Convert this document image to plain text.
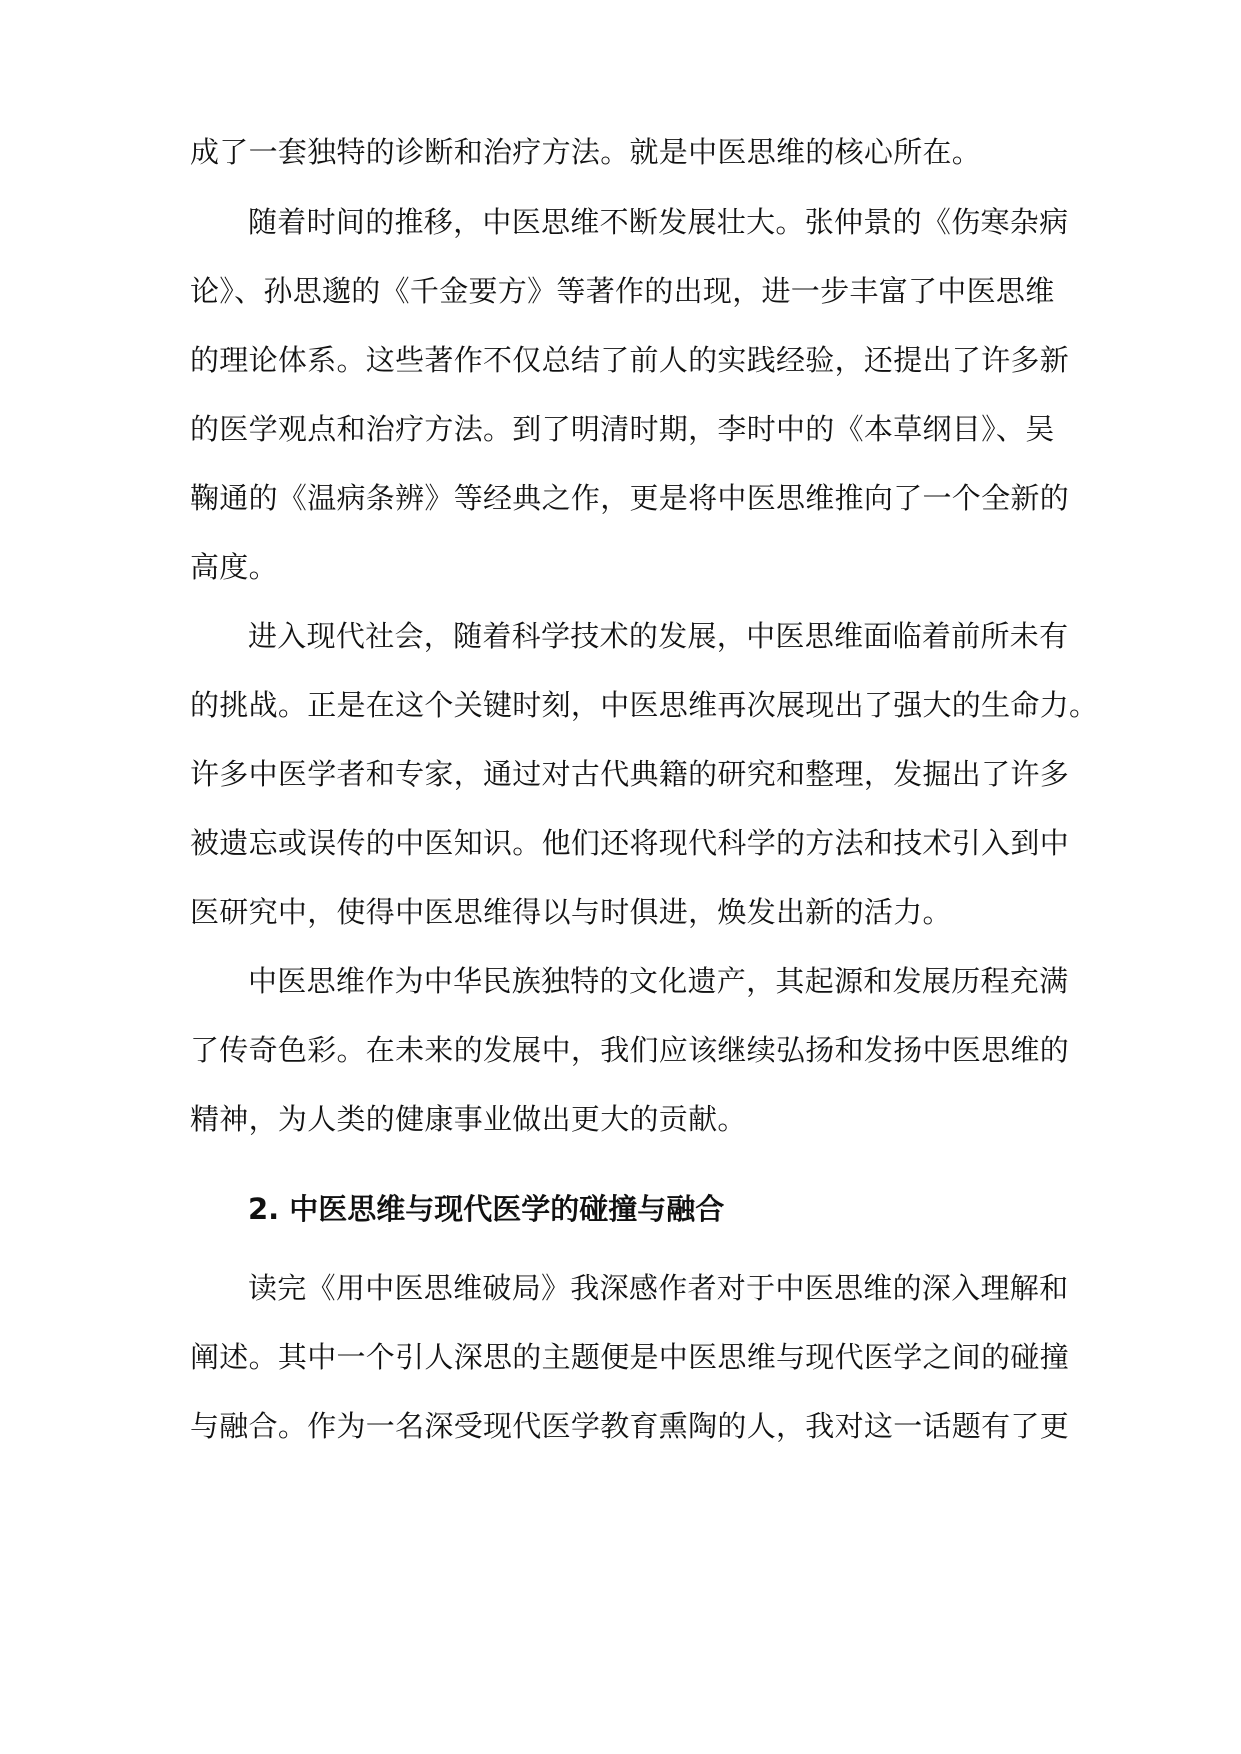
成了一套独特的诊断和治疗方法。就是中医思维的核心所在。

随着时间的推移，中医思维不断发展壮大。张仲景的《伤寒杂病

论》、孙思邈的《千金要方》等著作的出现，进一步丰富了中医思维

的理论体系。这些著作不仅总结了前人的实践经验，还提出了许多新

的医学观点和治疗方法。到了明清时期，李时中的《本草纲目》、吴

鞠通的《温病条辨》等经典之作，更是将中医思维推向了一个全新的

高度。

进入现代社会，随着科学技术的发展，中医思维面临着前所未有

的挑战。正是在这个关键时刻，中医思维再次展现出了强大的生命力。

许多中医学者和专家，通过对古代典籍的研究和整理，发掘出了许多

被遗忘或误传的中医知识。他们还将现代科学的方法和技术引入到中

医研究中，使得中医思维得以与时俱进，焕发出新的活力。

中医思维作为中华民族独特的文化遗产，其起源和发展历程充满

了传奇色彩。在未来的发展中，我们应该继续弘扬和发扬中医思维的

精神，为人类的健康事业做出更大的贡献。

2. 中医思维与现代医学的碰撞与融合

读完《用中医思维破局》我深感作者对于中医思维的深入理解和

阐述。其中一个引人深思的主题便是中医思维与现代医学之间的碰撞

与融合。作为一名深受现代医学教育熏陶的人，我对这一话题有了更
